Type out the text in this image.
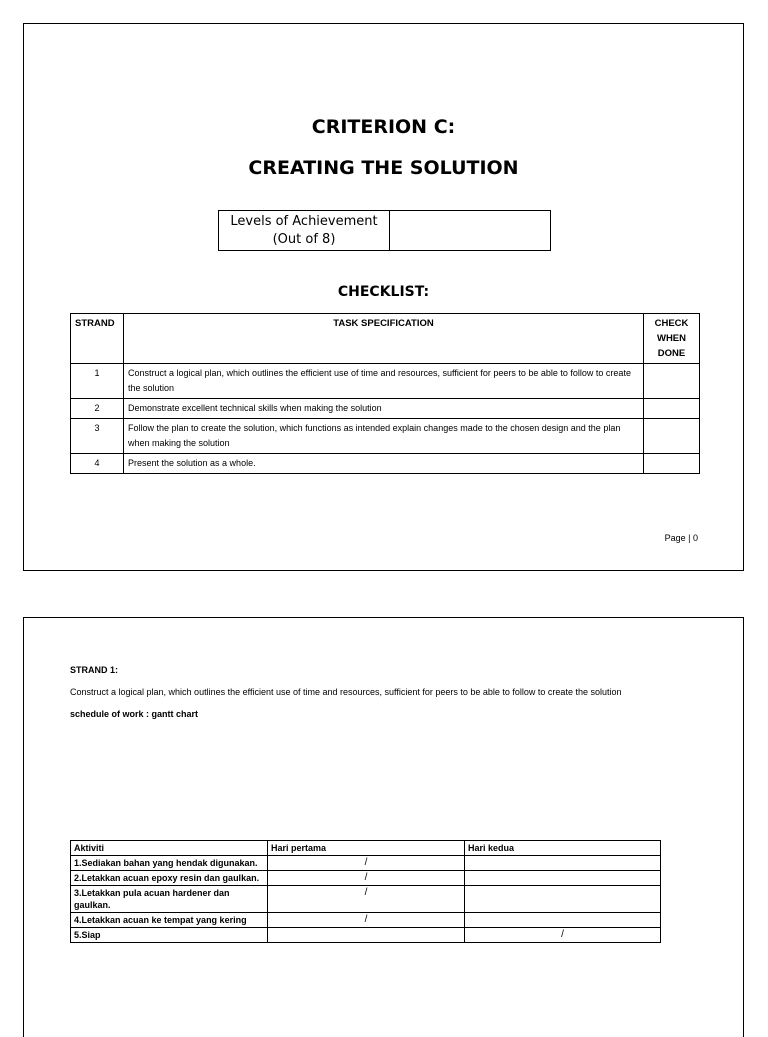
CRITERION C:
CREATING THE SOLUTION
Levels of Achievement (Out of 8)
CHECKLIST:
STRAND	TASK SPECIFICATION	CHECK WHEN DONE
1	Construct a logical plan, which outlines the efficient use of time and resources, sufficient for peers to be able to follow to create the solution	
2	Demonstrate excellent technical skills when making the solution	
3	Follow the plan to create the solution, which functions as intended explain changes made to the chosen design and the plan when making the solution	
4	Present the solution as a whole.	
Page | 0
STRAND 1:
Construct a logical plan, which outlines the efficient use of time and resources, sufficient for peers to be able to follow to create the solution
schedule of work : gantt chart
Aktiviti	Hari pertama	Hari kedua
1.Sediakan bahan yang hendak digunakan.	/	
2.Letakkan acuan epoxy resin dan gaulkan.	/	
3.Letakkan pula acuan hardener dan gaulkan.	/	
4.Letakkan acuan ke tempat yang kering	/	
5.Siap		/
